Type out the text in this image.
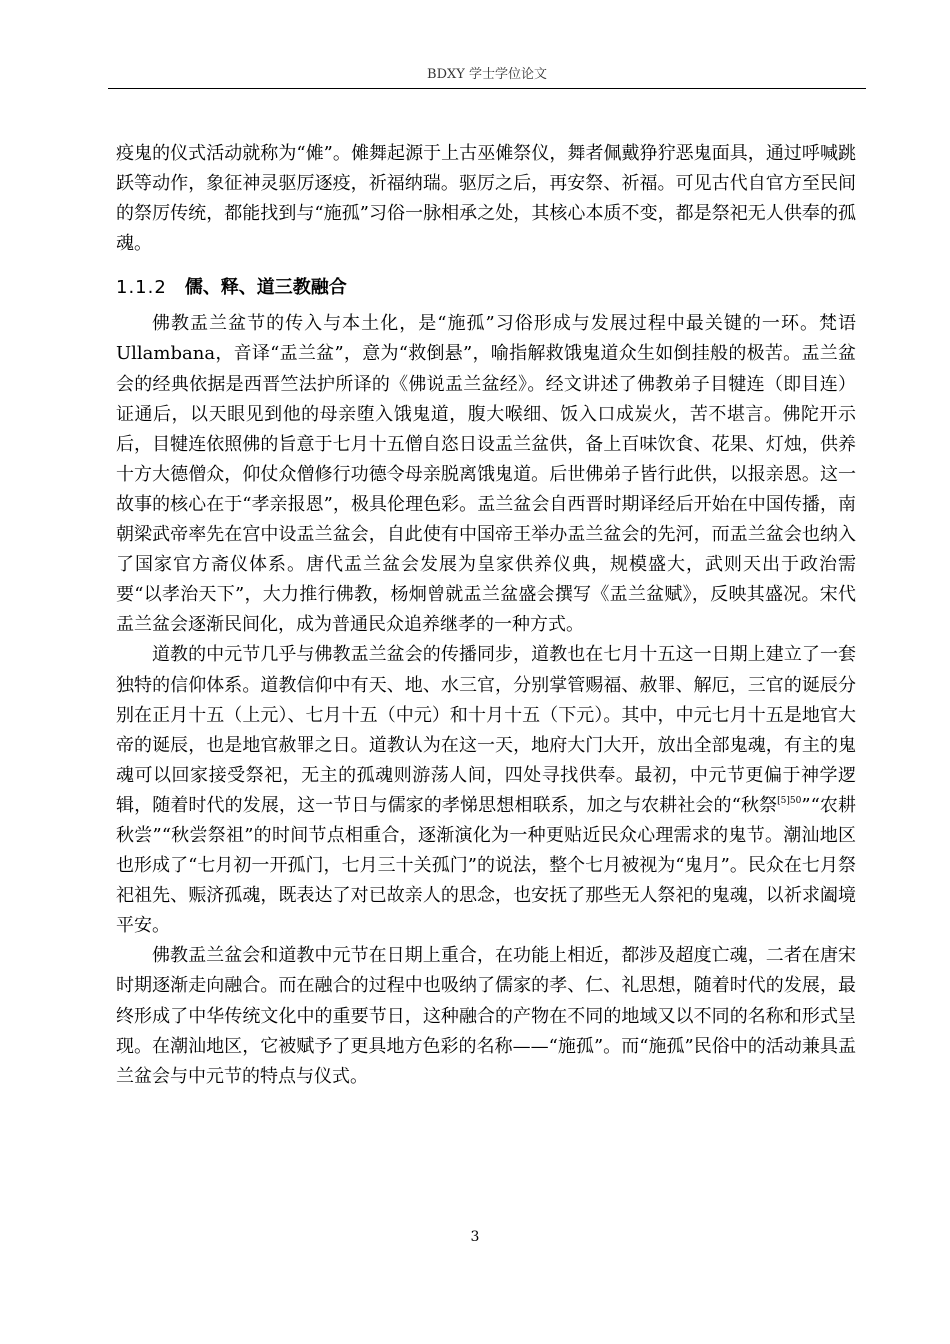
BDXY 学士学位论文

疫鬼的仪式活动就称为“傩”。傩舞起源于上古巫傩祭仪，舞者佩戴狰狞恶鬼面具，通过呼喊跳跃等动作，象征神灵驱厉逐疫，祈福纳瑞。驱厉之后，再安祭、祈福。可见古代自官方至民间的祭厉传统，都能找到与“施孤”习俗一脉相承之处，其核心本质不变，都是祭祀无人供奉的孤魂。

1.1.2 儒、释、道三教融合

佛教盂兰盆节的传入与本土化，是“施孤”习俗形成与发展过程中最关键的一环。梵语 Ullambana，音译“盂兰盆”，意为“救倒悬”，喻指解救饿鬼道众生如倒挂般的极苦。盂兰盆会的经典依据是西晋竺法护所译的《佛说盂兰盆经》。经文讲述了佛教弟子目犍连（即目连）证通后，以天眼见到他的母亲堕入饿鬼道，腹大喉细、饭入口成炭火，苦不堪言。佛陀开示后，目犍连依照佛的旨意于七月十五僧自恣日设盂兰盆供，备上百味饮食、花果、灯烛，供养十方大德僧众，仰仗众僧修行功德令母亲脱离饿鬼道。后世佛弟子皆行此供，以报亲恩。这一故事的核心在于“孝亲报恩”，极具伦理色彩。盂兰盆会自西晋时期译经后开始在中国传播，南朝梁武帝率先在宫中设盂兰盆会，自此使有中国帝王举办盂兰盆会的先河，而盂兰盆会也纳入了国家官方斋仪体系。唐代盂兰盆会发展为皇家供养仪典，规模盛大，武则天出于政治需要“以孝治天下”，大力推行佛教，杨炯曾就盂兰盆盛会撰写《盂兰盆赋》，反映其盛况。宋代盂兰盆会逐渐民间化，成为普通民众追养继孝的一种方式。

道教的中元节几乎与佛教盂兰盆会的传播同步，道教也在七月十五这一日期上建立了一套独特的信仰体系。道教信仰中有天、地、水三官，分别掌管赐福、赦罪、解厄，三官的诞辰分别在正月十五（上元）、七月十五（中元）和十月十五（下元）。其中，中元七月十五是地官大帝的诞辰，也是地官赦罪之日。道教认为在这一天，地府大门大开，放出全部鬼魂，有主的鬼魂可以回家接受祭祀，无主的孤魂则游荡人间，四处寻找供奉。最初，中元节更偏于神学逻辑，随着时代的发展，这一节日与儒家的孝悌思想相联系，加之与农耕社会的“秋祭$^{[5]50}$”“农耕秋尝”“秋尝祭祖”的时间节点相重合，逐渐演化为一种更贴近民众心理需求的鬼节。潮汕地区也形成了“七月初一开孤门，七月三十关孤门”的说法，整个七月被视为“鬼月”。民众在七月祭祀祖先、赈济孤魂，既表达了对已故亲人的思念，也安抚了那些无人祭祀的鬼魂，以祈求阖境平安。

佛教盂兰盆会和道教中元节在日期上重合，在功能上相近，都涉及超度亡魂，二者在唐宋时期逐渐走向融合。而在融合的过程中也吸纳了儒家的孝、仁、礼思想，随着时代的发展，最终形成了中华传统文化中的重要节日，这种融合的产物在不同的地域又以不同的名称和形式呈现。在潮汕地区，它被赋予了更具地方色彩的名称——“施孤”。而“施孤”民俗中的活动兼具盂兰盆会与中元节的特点与仪式。

3
